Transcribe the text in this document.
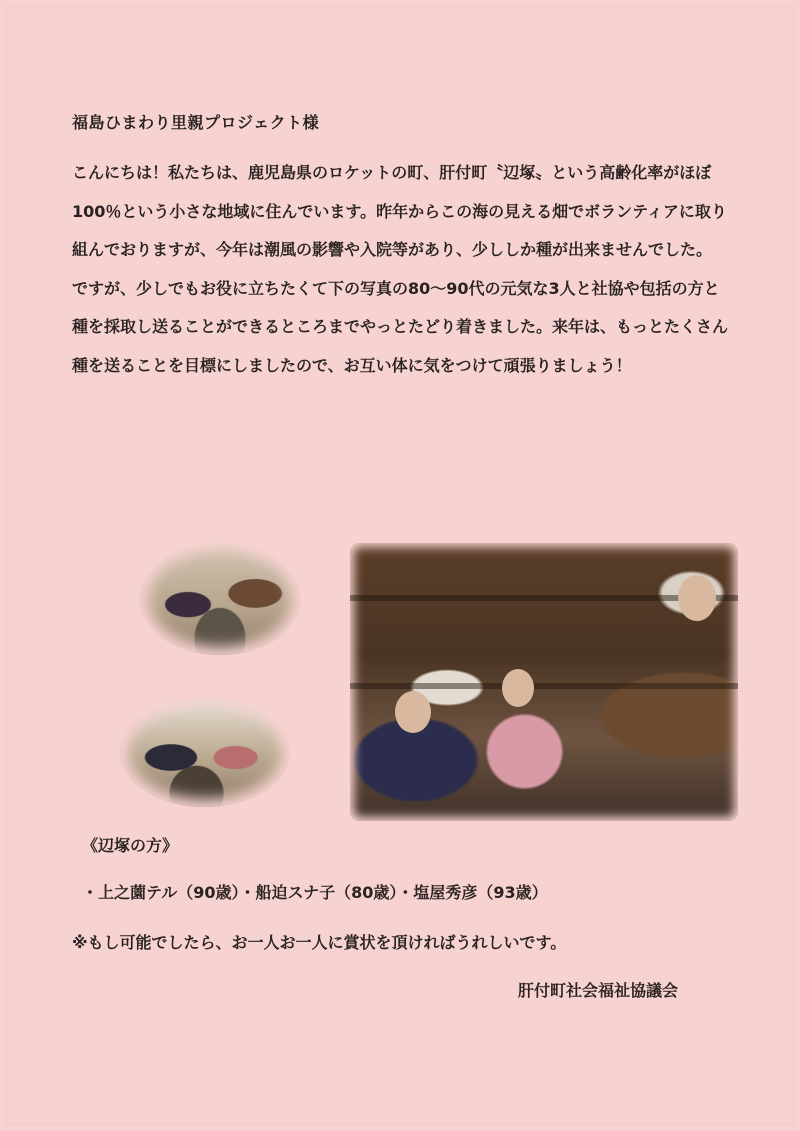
福島ひまわり里親プロジェクト様

こんにちは！私たちは、鹿児島県のロケットの町、肝付町〝辺塚〟という高齢化率がほぼ 100％という小さな地域に住んでいます。昨年からこの海の見える畑でボランティアに取り組んでおりますが、今年は潮風の影響や入院等があり、少ししか種が出来ませんでした。

ですが、少しでもお役に立ちたくて下の写真の80～90代の元気な3人と社協や包括の方と種を採取し送ることができるところまでやっとたどり着きました。来年は、もっとたくさん種を送ることを目標にしましたので、お互い体に気をつけて頑張りましょう！

《辺塚の方》
・上之薗テル（90歳）・船迫スナ子（80歳）・塩屋秀彦（93歳）
※もし可能でしたら、お一人お一人に賞状を頂ければうれしいです。
肝付町社会福祉協議会
